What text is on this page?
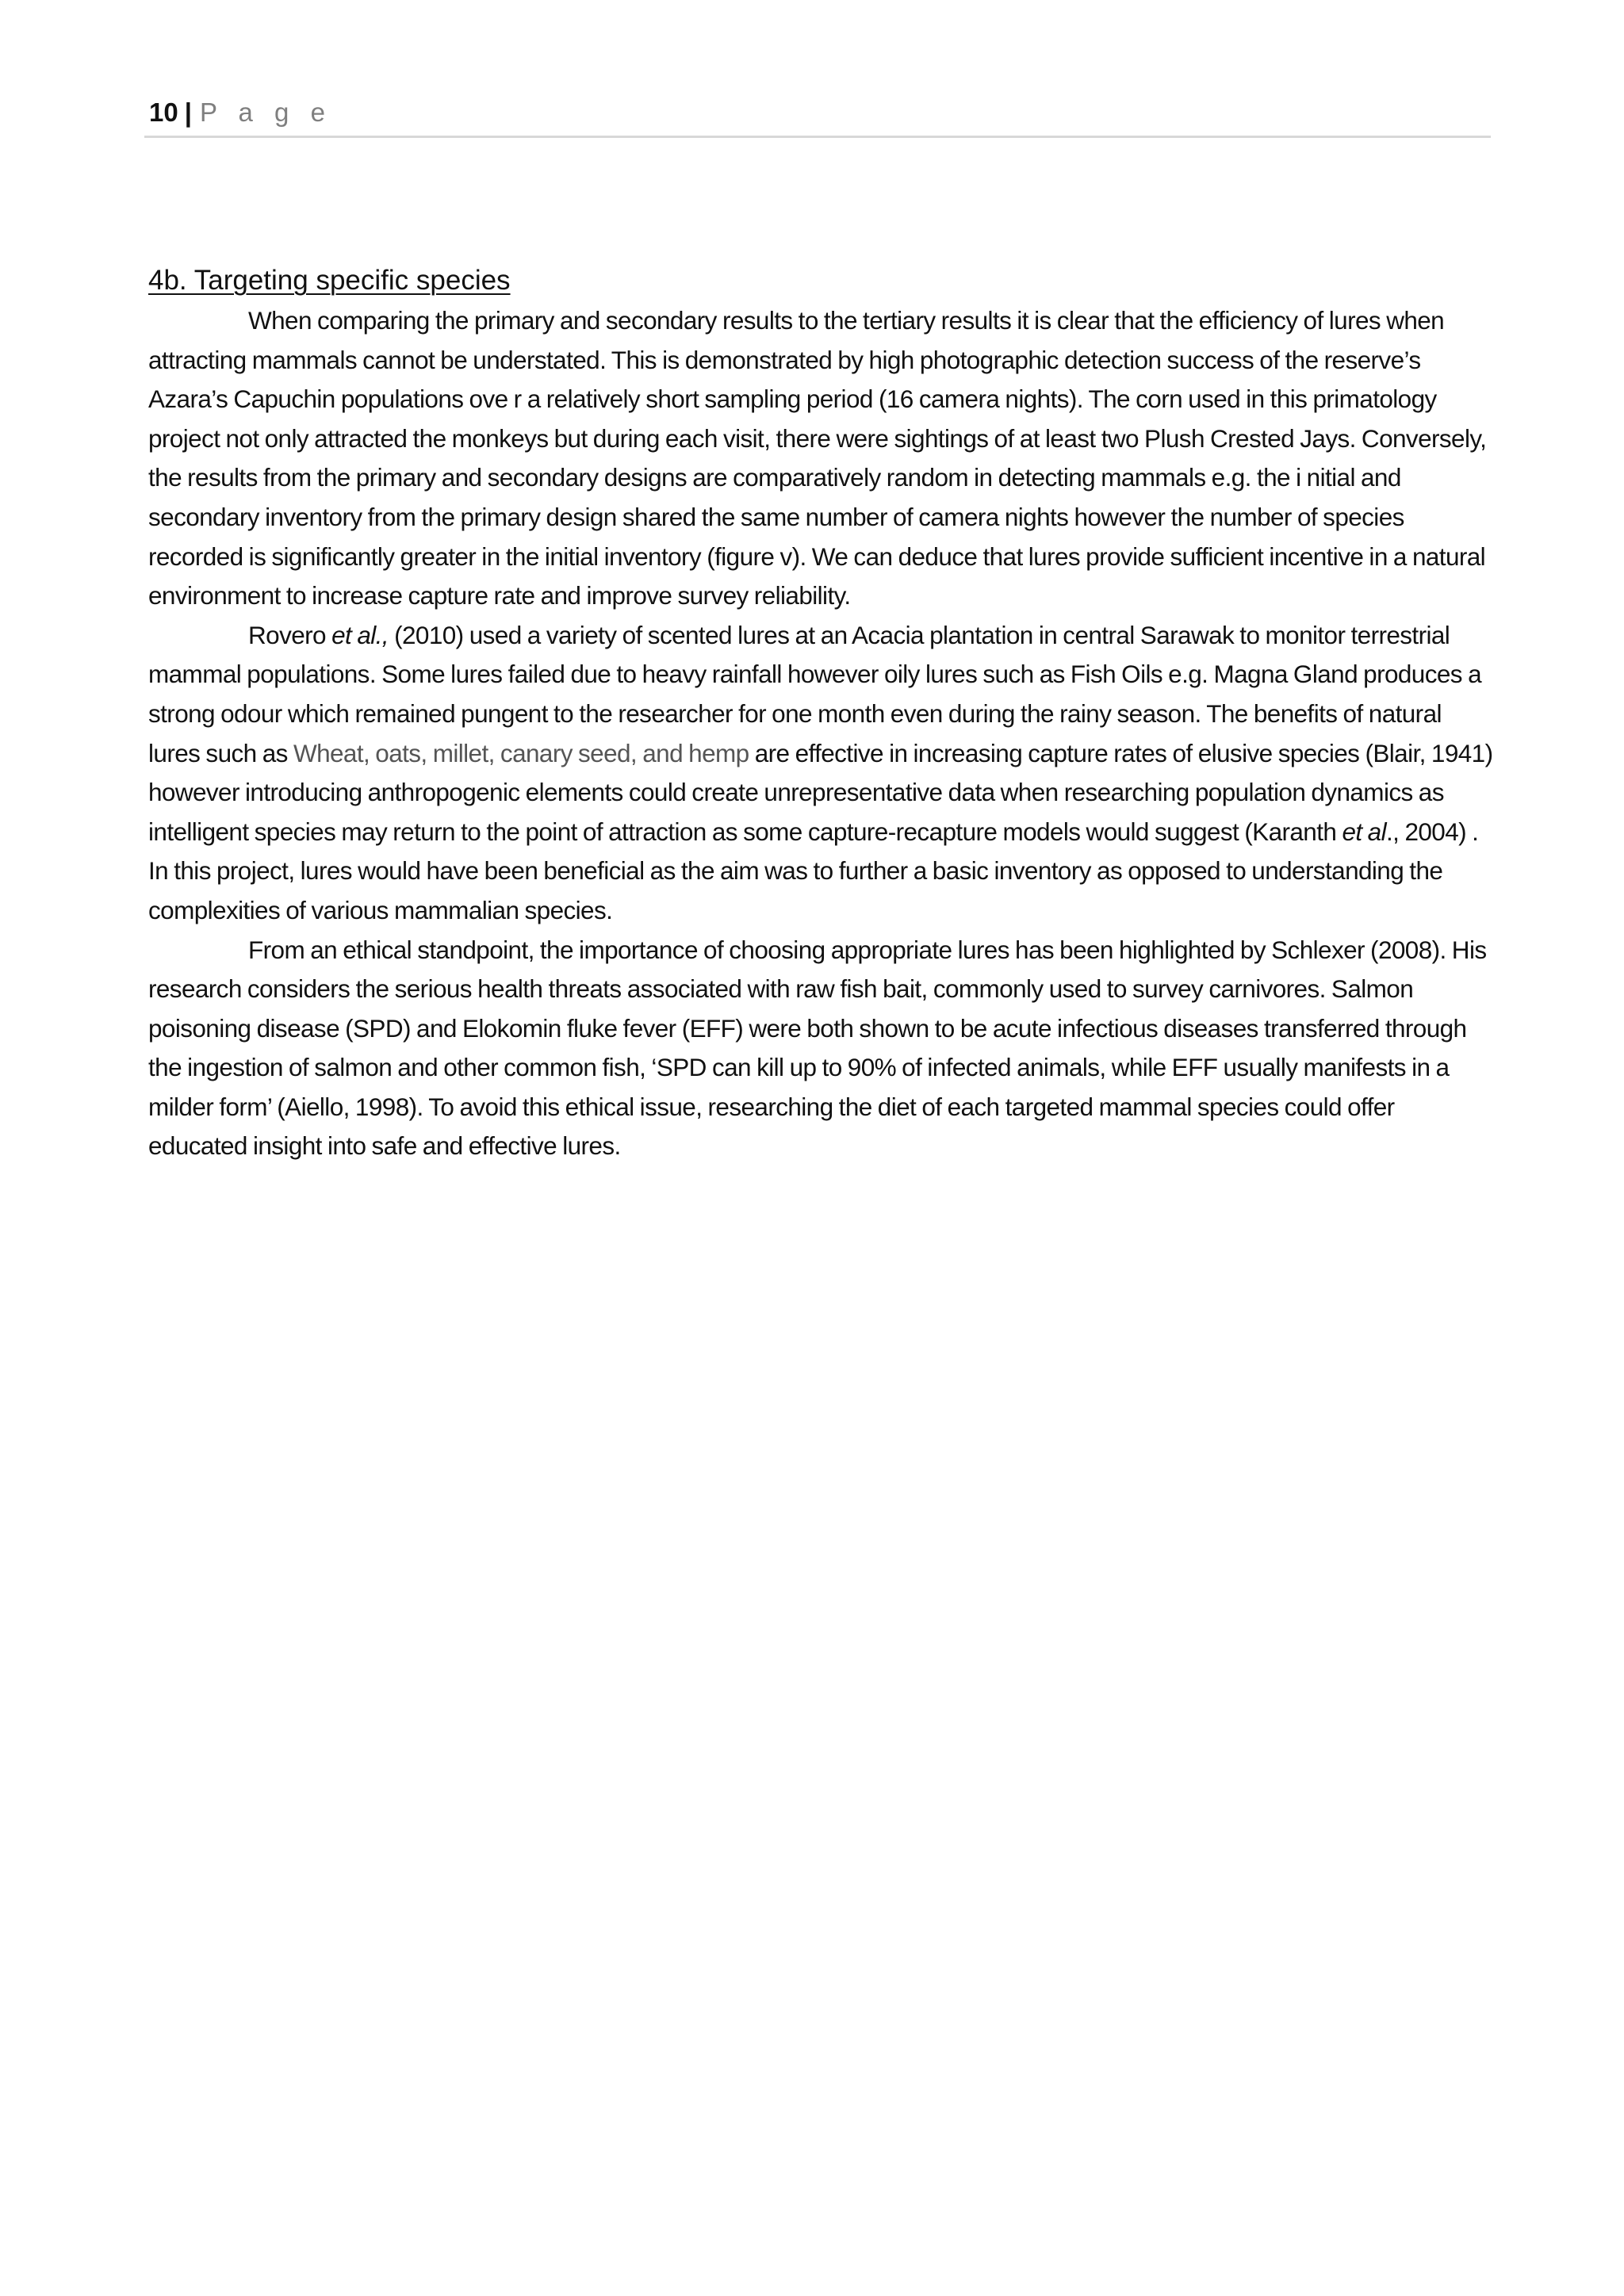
10 | P a g e
4b. Targeting specific species

When comparing the primary and secondary results to the tertiary results it is clear that the efficiency of lures when attracting mammals cannot be understated. This is demonstrated by high photographic detection success of the reserve’s Azara’s Capuchin populations ove r a relatively short sampling period (16 camera nights). The corn used in this primatology project not only attracted the monkeys but during each visit, there were sightings of at least two Plush Crested Jays. Conversely, the results from the primary and secondary designs are comparatively random in detecting mammals e.g. the i nitial and secondary inventory from the primary design shared the same number of camera nights however the number of species recorded is significantly greater in the initial inventory (figure v). We can deduce that lures provide sufficient incentive in a natural environment to increase capture rate and improve survey reliability.

Rovero et al., (2010) used a variety of scented lures at an Acacia plantation in central Sarawak to monitor terrestrial mammal populations. Some lures failed due to heavy rainfall however oily lures such as Fish Oils e.g. Magna Gland produces a strong odour which remained pungent to the researcher for one month even during the rainy season. The benefits of natural lures such as Wheat, oats, millet, canary seed, and hemp are effective in increasing capture rates of elusive species (Blair, 1941) however introducing anthropogenic elements could create unrepresentative data when researching population dynamics as intelligent species may return to the point of attraction as some capture-recapture models would suggest (Karanth et al., 2004) . In this project, lures would have been beneficial as the aim was to further a basic inventory as opposed to understanding the complexities of various mammalian species.

From an ethical standpoint, the importance of choosing appropriate lures has been highlighted by Schlexer (2008). His research considers the serious health threats associated with raw fish bait, commonly used to survey carnivores. Salmon poisoning disease (SPD) and Elokomin fluke fever (EFF) were both shown to be acute infectious diseases transferred through the ingestion of salmon and other common fish, ‘SPD can kill up to 90% of infected animals, while EFF usually manifests in a milder form’ (Aiello, 1998). To avoid this ethical issue, researching the diet of each targeted mammal species could offer educated insight into safe and effective lures.
